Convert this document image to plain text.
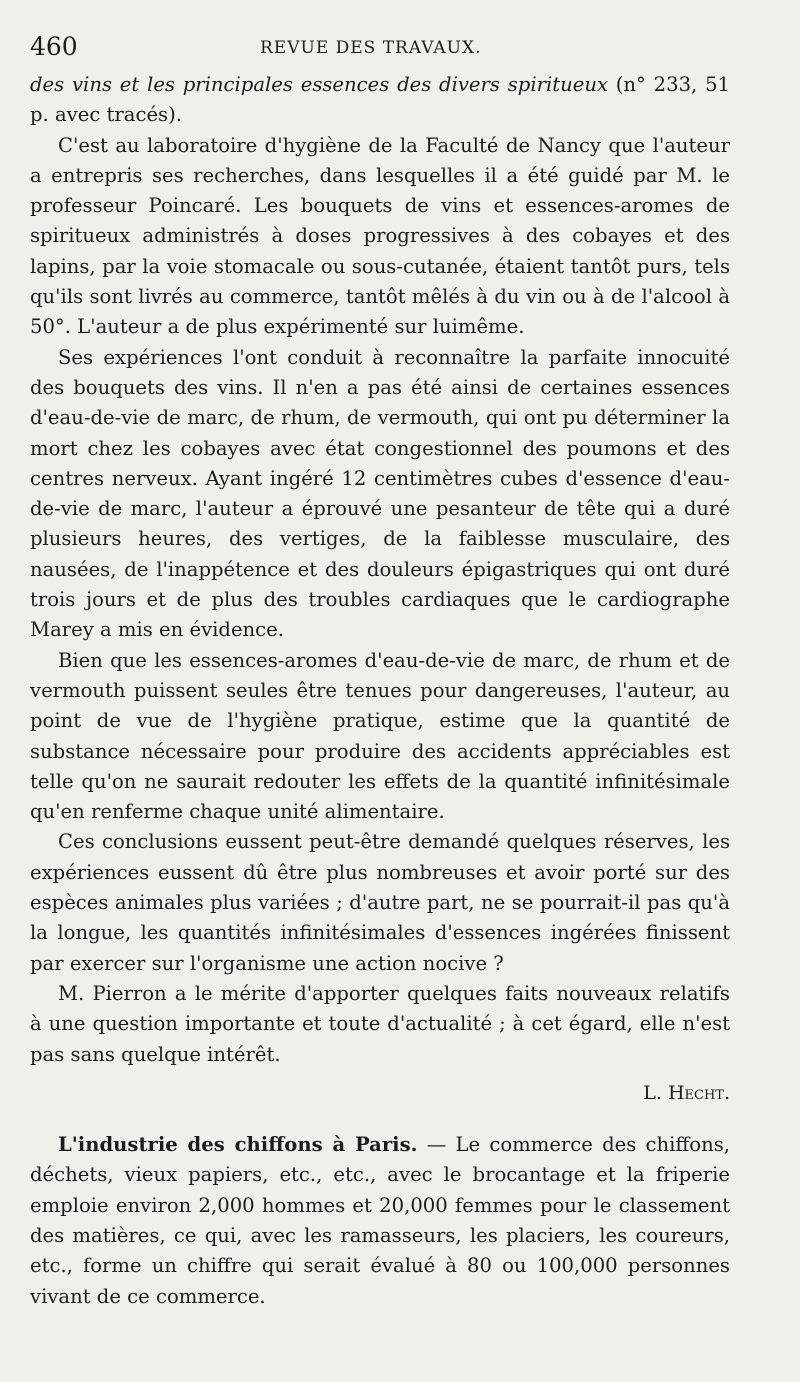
460	REVUE DES TRAVAUX.

des vins et les principales essences des divers spiritueux (n° 233, 51 p. avec tracés).

C'est au laboratoire d'hygiène de la Faculté de Nancy que l'auteur a entrepris ses recherches, dans lesquelles il a été guidé par M. le professeur Poincaré. Les bouquets de vins et essences-aromes de spiritueux administrés à doses progressives à des cobayes et des lapins, par la voie stomacale ou sous-cutanée, étaient tantôt purs, tels qu'ils sont livrés au commerce, tantôt mêlés à du vin ou à de l'alcool à 50°. L'auteur a de plus expérimenté sur luimême.

Ses expériences l'ont conduit à reconnaître la parfaite innocuité des bouquets des vins. Il n'en a pas été ainsi de certaines essences d'eau-de-vie de marc, de rhum, de vermouth, qui ont pu déterminer la mort chez les cobayes avec état congestionnel des poumons et des centres nerveux. Ayant ingéré 12 centimètres cubes d'essence d'eau-de-vie de marc, l'auteur a éprouvé une pesanteur de tête qui a duré plusieurs heures, des vertiges, de la faiblesse musculaire, des nausées, de l'inappétence et des douleurs épigastriques qui ont duré trois jours et de plus des troubles cardiaques que le cardiographe Marey a mis en évidence.

Bien que les essences-aromes d'eau-de-vie de marc, de rhum et de vermouth puissent seules être tenues pour dangereuses, l'auteur, au point de vue de l'hygiène pratique, estime que la quantité de substance nécessaire pour produire des accidents appréciables est telle qu'on ne saurait redouter les effets de la quantité infinitésimale qu'en renferme chaque unité alimentaire.

Ces conclusions eussent peut-être demandé quelques réserves, les expériences eussent dû être plus nombreuses et avoir porté sur des espèces animales plus variées ; d'autre part, ne se pourrait-il pas qu'à la longue, les quantités infinitésimales d'essences ingérées finissent par exercer sur l'organisme une action nocive ?

M. Pierron a le mérite d'apporter quelques faits nouveaux relatifs à une question importante et toute d'actualité ; à cet égard, elle n'est pas sans quelque intérêt.

L. Hecht.

L'industrie des chiffons à Paris. — Le commerce des chiffons, déchets, vieux papiers, etc., etc., avec le brocantage et la friperie emploie environ 2,000 hommes et 20,000 femmes pour le classement des matières, ce qui, avec les ramasseurs, les placiers, les coureurs, etc., forme un chiffre qui serait évalué à 80 ou 100,000 personnes vivant de ce commerce.
